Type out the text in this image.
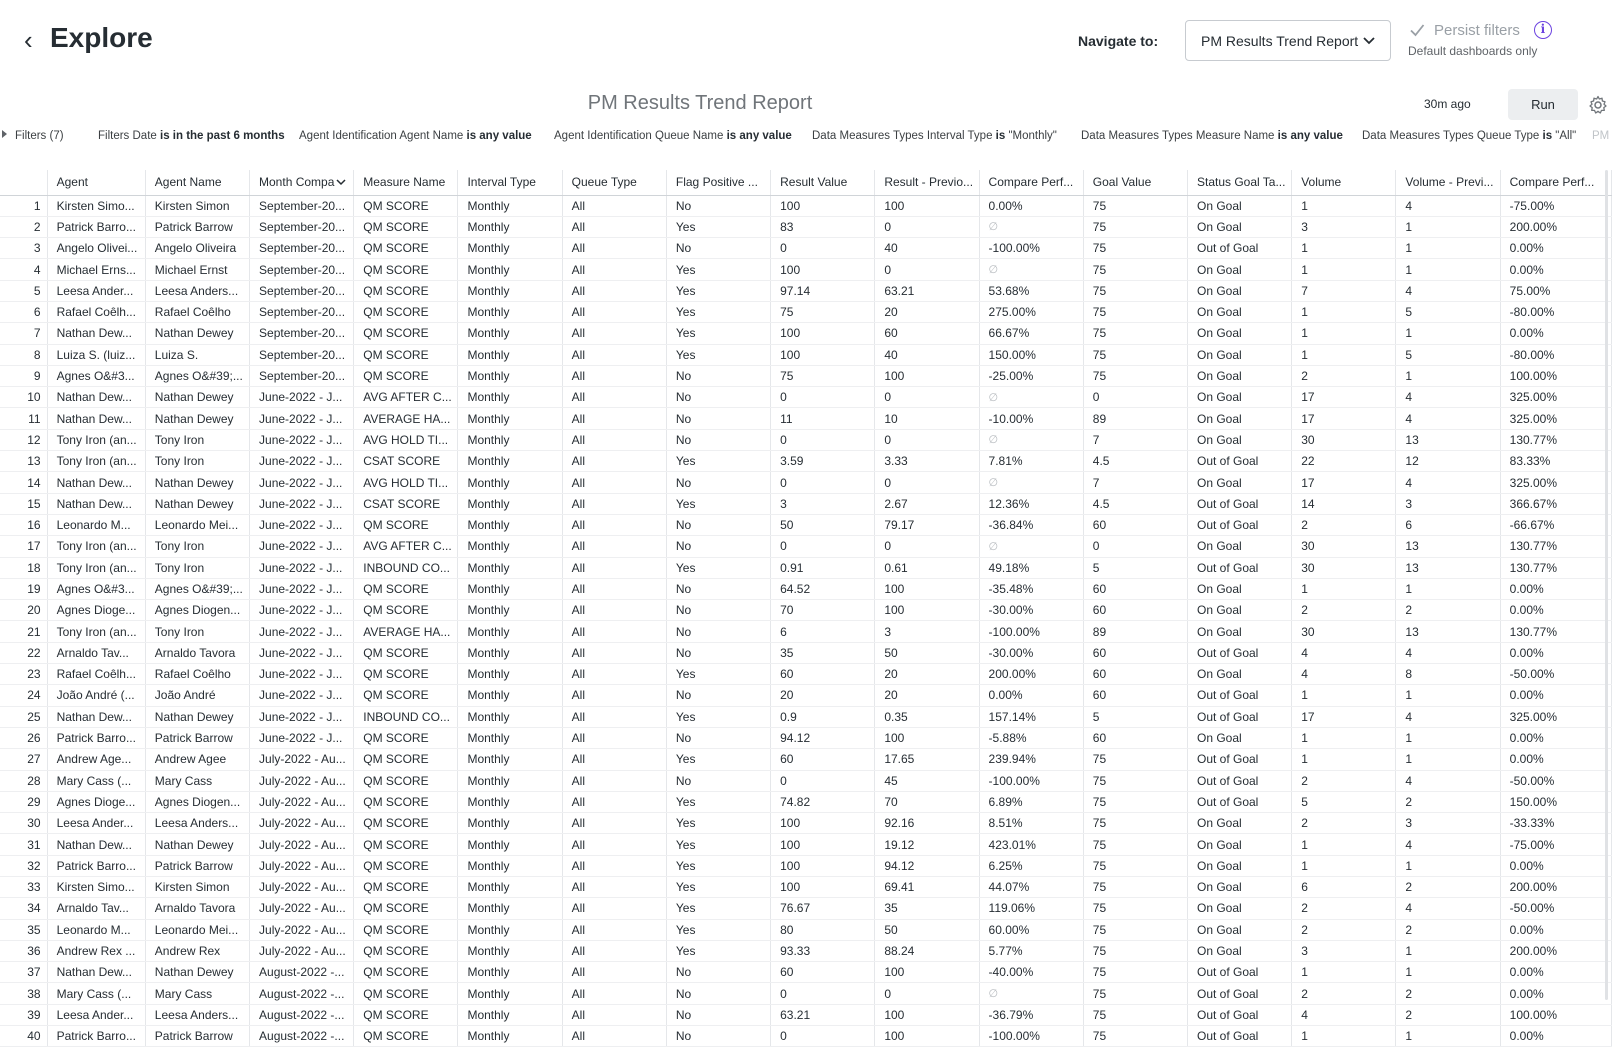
‹ Explore	Navigate to:	PM Results Trend Report
Persist filters	i
Default dashboards only
PM Results Trend Report	30m ago	Run
Filters (7)	Filters Date is in the past 6 months Agent Identification Agent Name is any value Agent Identification Queue Name is any value Data Measures Types Interval Type is "Monthly" Data Measures Types Measure Name is any value Data Measures Types Queue Type is "All" PM
	Agent	Agent Name	Month Compa	Measure Name	Interval Type	Queue Type	Flag Positive ...	Result Value	Result - Previo...	Compare Perf...	Goal Value	Status Goal Ta...	Volume	Volume - Previ...	Compare Perf...
1	Kirsten Simo...	Kirsten Simon	September-20...	QM SCORE	Monthly	All	No	100	100	0.00%	75	On Goal	1	4	-75.00%
2	Patrick Barro...	Patrick Barrow	September-20...	QM SCORE	Monthly	All	Yes	83	0	∅	75	On Goal	3	1	200.00%
3	Angelo Olivei...	Angelo Oliveira	September-20...	QM SCORE	Monthly	All	No	0	40	-100.00%	75	Out of Goal	1	1	0.00%
4	Michael Erns...	Michael Ernst	September-20...	QM SCORE	Monthly	All	Yes	100	0	∅	75	On Goal	1	1	0.00%
5	Leesa Ander...	Leesa Anders...	September-20...	QM SCORE	Monthly	All	Yes	97.14	63.21	53.68%	75	On Goal	7	4	75.00%
6	Rafael Coêlh...	Rafael Coêlho	September-20...	QM SCORE	Monthly	All	Yes	75	20	275.00%	75	On Goal	1	5	-80.00%
7	Nathan Dew...	Nathan Dewey	September-20...	QM SCORE	Monthly	All	Yes	100	60	66.67%	75	On Goal	1	1	0.00%
8	Luiza S. (luiz...	Luiza S.	September-20...	QM SCORE	Monthly	All	Yes	100	40	150.00%	75	On Goal	1	5	-80.00%
9	Agnes O&#3...	Agnes O&#39;...	September-20...	QM SCORE	Monthly	All	No	75	100	-25.00%	75	On Goal	2	1	100.00%
10	Nathan Dew...	Nathan Dewey	June-2022 - J...	AVG AFTER C...	Monthly	All	No	0	0	∅	0	On Goal	17	4	325.00%
11	Nathan Dew...	Nathan Dewey	June-2022 - J...	AVERAGE HA...	Monthly	All	No	11	10	-10.00%	89	On Goal	17	4	325.00%
12	Tony Iron (an...	Tony Iron	June-2022 - J...	AVG HOLD TI...	Monthly	All	No	0	0	∅	7	On Goal	30	13	130.77%
13	Tony Iron (an...	Tony Iron	June-2022 - J...	CSAT SCORE	Monthly	All	Yes	3.59	3.33	7.81%	4.5	Out of Goal	22	12	83.33%
14	Nathan Dew...	Nathan Dewey	June-2022 - J...	AVG HOLD TI...	Monthly	All	No	0	0	∅	7	On Goal	17	4	325.00%
15	Nathan Dew...	Nathan Dewey	June-2022 - J...	CSAT SCORE	Monthly	All	Yes	3	2.67	12.36%	4.5	Out of Goal	14	3	366.67%
16	Leonardo M...	Leonardo Mei...	June-2022 - J...	QM SCORE	Monthly	All	No	50	79.17	-36.84%	60	Out of Goal	2	6	-66.67%
17	Tony Iron (an...	Tony Iron	June-2022 - J...	AVG AFTER C...	Monthly	All	No	0	0	∅	0	On Goal	30	13	130.77%
18	Tony Iron (an...	Tony Iron	June-2022 - J...	INBOUND CO...	Monthly	All	Yes	0.91	0.61	49.18%	5	Out of Goal	30	13	130.77%
19	Agnes O&#3...	Agnes O&#39;...	June-2022 - J...	QM SCORE	Monthly	All	No	64.52	100	-35.48%	60	On Goal	1	1	0.00%
20	Agnes Dioge...	Agnes Diogen...	June-2022 - J...	QM SCORE	Monthly	All	No	70	100	-30.00%	60	On Goal	2	2	0.00%
21	Tony Iron (an...	Tony Iron	June-2022 - J...	AVERAGE HA...	Monthly	All	No	6	3	-100.00%	89	On Goal	30	13	130.77%
22	Arnaldo Tav...	Arnaldo Tavora	June-2022 - J...	QM SCORE	Monthly	All	No	35	50	-30.00%	60	Out of Goal	4	4	0.00%
23	Rafael Coêlh...	Rafael Coêlho	June-2022 - J...	QM SCORE	Monthly	All	Yes	60	20	200.00%	60	On Goal	4	8	-50.00%
24	João André (...	João André	June-2022 - J...	QM SCORE	Monthly	All	No	20	20	0.00%	60	Out of Goal	1	1	0.00%
25	Nathan Dew...	Nathan Dewey	June-2022 - J...	INBOUND CO...	Monthly	All	Yes	0.9	0.35	157.14%	5	Out of Goal	17	4	325.00%
26	Patrick Barro...	Patrick Barrow	June-2022 - J...	QM SCORE	Monthly	All	No	94.12	100	-5.88%	60	On Goal	1	1	0.00%
27	Andrew Age...	Andrew Agee	July-2022 - Au...	QM SCORE	Monthly	All	Yes	60	17.65	239.94%	75	Out of Goal	1	1	0.00%
28	Mary Cass (...	Mary Cass	July-2022 - Au...	QM SCORE	Monthly	All	No	0	45	-100.00%	75	Out of Goal	2	4	-50.00%
29	Agnes Dioge...	Agnes Diogen...	July-2022 - Au...	QM SCORE	Monthly	All	Yes	74.82	70	6.89%	75	Out of Goal	5	2	150.00%
30	Leesa Ander...	Leesa Anders...	July-2022 - Au...	QM SCORE	Monthly	All	Yes	100	92.16	8.51%	75	On Goal	2	3	-33.33%
31	Nathan Dew...	Nathan Dewey	July-2022 - Au...	QM SCORE	Monthly	All	Yes	100	19.12	423.01%	75	On Goal	1	4	-75.00%
32	Patrick Barro...	Patrick Barrow	July-2022 - Au...	QM SCORE	Monthly	All	Yes	100	94.12	6.25%	75	On Goal	1	1	0.00%
33	Kirsten Simo...	Kirsten Simon	July-2022 - Au...	QM SCORE	Monthly	All	Yes	100	69.41	44.07%	75	On Goal	6	2	200.00%
34	Arnaldo Tav...	Arnaldo Tavora	July-2022 - Au...	QM SCORE	Monthly	All	Yes	76.67	35	119.06%	75	On Goal	2	4	-50.00%
35	Leonardo M...	Leonardo Mei...	July-2022 - Au...	QM SCORE	Monthly	All	Yes	80	50	60.00%	75	On Goal	2	2	0.00%
36	Andrew Rex ...	Andrew Rex	July-2022 - Au...	QM SCORE	Monthly	All	Yes	93.33	88.24	5.77%	75	On Goal	3	1	200.00%
37	Nathan Dew...	Nathan Dewey	August-2022 -...	QM SCORE	Monthly	All	No	60	100	-40.00%	75	Out of Goal	1	1	0.00%
38	Mary Cass (...	Mary Cass	August-2022 -...	QM SCORE	Monthly	All	No	0	0	∅	75	Out of Goal	2	2	0.00%
39	Leesa Ander...	Leesa Anders...	August-2022 -...	QM SCORE	Monthly	All	No	63.21	100	-36.79%	75	Out of Goal	4	2	100.00%
40	Patrick Barro...	Patrick Barrow	August-2022 -...	QM SCORE	Monthly	All	No	0	100	-100.00%	75	Out of Goal	1	1	0.00%
